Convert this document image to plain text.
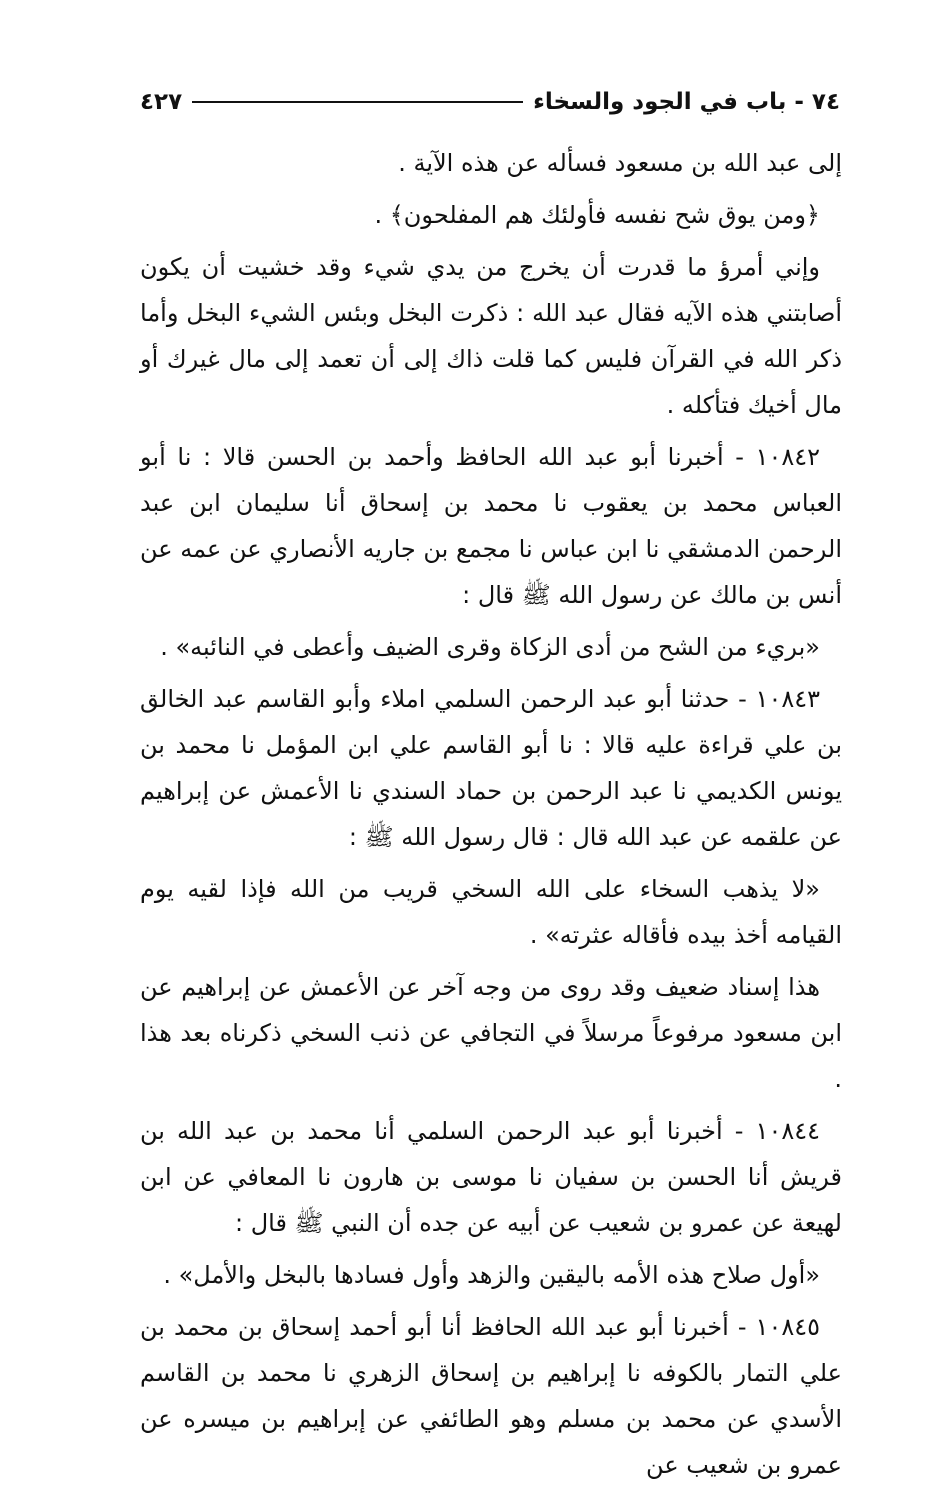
٧٤ - باب في الجود والسخاء
٤٢٧

إلى عبد الله بن مسعود فسأله عن هذه الآية .

﴿ومن يوق شح نفسه فأولئك هم المفلحون﴾ .

وإني أمرؤ ما قدرت أن يخرج من يدي شيء وقد خشيت أن يكون أصابتني هذه الآيه فقال عبد الله : ذكرت البخل وبئس الشيء البخل وأما ذكر الله في القرآن فليس كما قلت ذاك إلى أن تعمد إلى مال غيرك أو مال أخيك فتأكله .

١٠٨٤٢ - أخبرنا أبو عبد الله الحافظ وأحمد بن الحسن قالا : نا أبو العباس محمد بن يعقوب نا محمد بن إسحاق أنا سليمان ابن عبد الرحمن الدمشقي نا ابن عباس نا مجمع بن جاريه الأنصاري عن عمه عن أنس بن مالك عن رسول الله ﷺ قال :

«بريء من الشح من أدى الزكاة وقرى الضيف وأعطى في النائبه» .

١٠٨٤٣ - حدثنا أبو عبد الرحمن السلمي املاء وأبو القاسم عبد الخالق بن علي قراءة عليه قالا : نا أبو القاسم علي ابن المؤمل نا محمد بن يونس الكديمي نا عبد الرحمن بن حماد السندي نا الأعمش عن إبراهيم عن علقمه عن عبد الله قال : قال رسول الله ﷺ :

«لا يذهب السخاء على الله السخي قريب من الله فإذا لقيه يوم القيامه أخذ بيده فأقاله عثرته» .

هذا إسناد ضعيف وقد روى من وجه آخر عن الأعمش عن إبراهيم عن ابن مسعود مرفوعاً مرسلاً في التجافي عن ذنب السخي ذكرناه بعد هذا .

١٠٨٤٤ - أخبرنا أبو عبد الرحمن السلمي أنا محمد بن عبد الله بن قريش أنا الحسن بن سفيان نا موسى بن هارون نا المعافي عن ابن لهيعة عن عمرو بن شعيب عن أبيه عن جده أن النبي ﷺ قال :

«أول صلاح هذه الأمه باليقين والزهد وأول فسادها بالبخل والأمل» .

١٠٨٤٥ - أخبرنا أبو عبد الله الحافظ أنا أبو أحمد إسحاق بن محمد بن علي التمار بالكوفه نا إبراهيم بن إسحاق الزهري نا محمد بن القاسم الأسدي عن محمد بن مسلم وهو الطائفي عن إبراهيم بن ميسره عن عمرو بن شعيب عن
